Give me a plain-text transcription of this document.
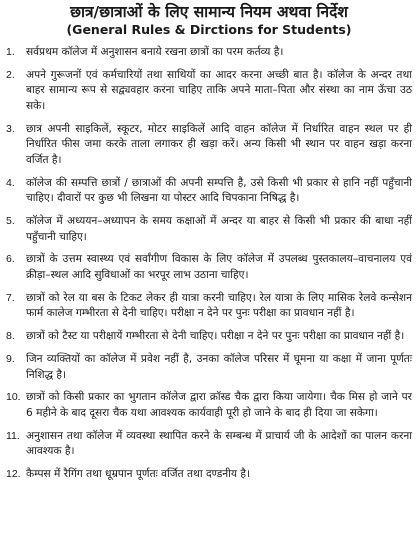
छात्र/छात्राओं के लिए सामान्य नियम अथवा निर्देश
(General Rules & Dirctions for Students)
1.	सर्वप्रथम कॉलेज में अनुशासन बनाये रखना छात्रों का परम कर्तव्य है।
2.	अपने गुरूजनों एवं कर्मचारियों तथा साथियों का आदर करना अच्छी बात है। कॉलेज के अन्दर तथा बाहर सामान्य रूप से सद्व्यवहार करना चाहिए ताकि अपने माता–पिता और संस्था का नाम ऊँचा उठ सके।
3.	छात्र अपनी साइकिलें, स्कूटर, मोटर साइकिलें आदि वाहन कॉलेज में निर्धारित वाहन स्थल पर ही निर्धारित फीस जमा करके ताला लगाकर ही खड़ा करें। अन्य किसी भी स्थान पर वाहन खड़ा करना वर्जित है।
4.	कॉलेज की सम्पत्ति छात्रों / छात्राओं की अपनी सम्पत्ति है, उसे किसी भी प्रकार से हानि नहीं पहुँचानी चाहिए। दीवारों पर कुछ भी लिखना या पोस्टर आदि चिपकाना निषिद्ध है।
5.	कॉलेज में अध्ययन–अध्यापन के समय कक्षाओं में अन्दर या बाहर से किसी भी प्रकार की बाधा नहीं पहुँचानी चाहिए।
6.	छात्रों के उत्तम स्वास्थ्य एवं सर्वांगीण विकास के लिए कॉलेज में उपलब्ध पुस्तकालय–वाचनालय एवं क्रीड़ा–स्थल आदि सुविधाओं का भरपूर लाभ उठाना चाहिए।
7.	छात्रों को रेल या बस के टिकट लेकर ही यात्रा करनी चाहिए। रेल यात्रा के लिए मासिक रेलवे कन्सेशन फार्म कालेज गम्भीरता से देनी चाहिए। परीक्षा न देने पर पुनः परीक्षा का प्रावधान नहीं है।
8.	छात्रों को टैस्ट या परीक्षायें गम्भीरता से देनी चाहिए। परीक्षा न देने पर पुनः परीक्षा का प्रावधान नहीं है।
9.	जिन व्यक्तियों का कॉलेज में प्रवेश नहीं है, उनका कॉलेज परिसर में घूमना या कक्षा में जाना पूर्णतः निशिद्ध है।
10. छात्रों को किसी प्रकार का भुगतान कॉलेज द्वारा क्रॉस्ड चैक द्वारा किया जायेगा। चैक मिस हो जाने पर 6 महीने के बाद दूसरा चैक यथा आवश्यक कार्यवाही पूरी हो जाने के बाद ही दिया जा सकेगा।
11. अनुशासन तथा कॉलेज में व्यवस्था स्थापित करने के सम्बन्ध में प्राचार्य जी के आदेशों का पालन करना आवश्यक है।
12. कैम्पस में रैगिंग तथा धूम्रपान पूर्णतः वर्जित तथा दण्डनीय है।
